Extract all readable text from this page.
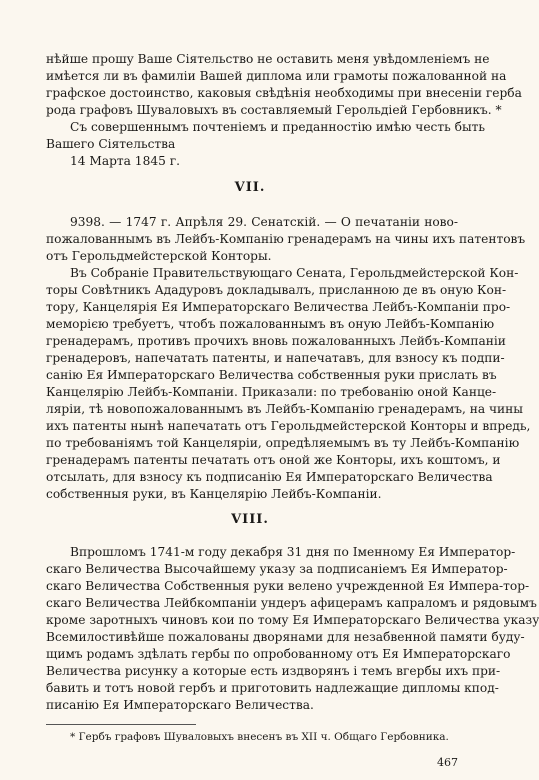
нѣйше прошу Ваше Сіятельство не оставить меня увѣдомленіемъ не
имѣется ли въ фамиліи Вашей диплома или грамоты пожалованной на
графское достоинство, каковыя свѣдѣнія необходимы при внесеніи герба
рода графовъ Шуваловыхъ въ составляемый Герольдіей Гербовникъ. *
Съ совершеннымъ почтеніемъ и преданностію имѣю честь быть
Вашего Сіятельства
14 Марта 1845 г.
VII.
9398. — 1747 г. Апрѣля 29. Сенатскій. — О печатаніи ново-
пожалованнымъ въ Лейбъ-Компанію гренадерамъ на чины ихъ патентовъ
отъ Герольдмейстерской Конторы.
Въ Собраніе Правительствующаго Сената, Герольдмейстерской Кон-
торы Совѣтникъ Ададуровъ докладывалъ, присланною де въ оную Кон-
тору, Канцелярія Ея Императорскаго Величества Лейбъ-Компаніи про-
меморією требуетъ, чтобъ пожалованнымъ въ оную Лейбъ-Компанію
гренадерамъ, противъ прочихъ вновь пожалованныхъ Лейбъ-Компаніи
гренадеровъ, напечатать патенты, и напечатавъ, для взносу къ подпи-
санію Ея Императорскаго Величества собственныя руки прислать въ
Канцелярію Лейбъ-Компаніи. Приказали: по требованію оной Канце-
ляріи, тѣ новопожалованнымъ въ Лейбъ-Компанію гренадерамъ, на чины
ихъ патенты нынѣ напечатать отъ Герольдмейстерской Конторы и впредь,
по требованіямъ той Канцеляріи, опредѣляемымъ въ ту Лейбъ-Компанію
гренадерамъ патенты печатать отъ оной же Конторы, ихъ коштомъ, и
отсылать, для взносу къ подписанію Ея Императорскаго Величества
собственныя руки, въ Канцелярію Лейбъ-Компаніи.
VIII.
Впрошломъ 1741-м году декабря 31 дня по Іменному Ея Император-
скаго Величества Высочайшему указу за подписаніемъ Ея Император-
скаго Величества Собственныя руки велено учрежденной Ея Импера-тор-
скаго Величества Лейбкомпаніи ундеръ афицерамъ капраломъ и рядовымъ
кроме заротныхъ чиновъ кои по тому Ея Императорскаго Величества указу
Всемилостивѣйше пожалованы дворянами для незабвенной памяти буду-
щимъ родамъ здѣлать гербы по опробованному отъ Ея Императорскаго
Величества рисунку а которые есть издворянъ і темъ вгербы ихъ при-
бавить и тотъ новой гербъ и приготовить надлежащие дипломы кпод-
писанію Ея Императорскаго Величества.
* Гербъ графовъ Шуваловыхъ внесенъ въ ХІІ ч. Общаго Гербовника.
467
